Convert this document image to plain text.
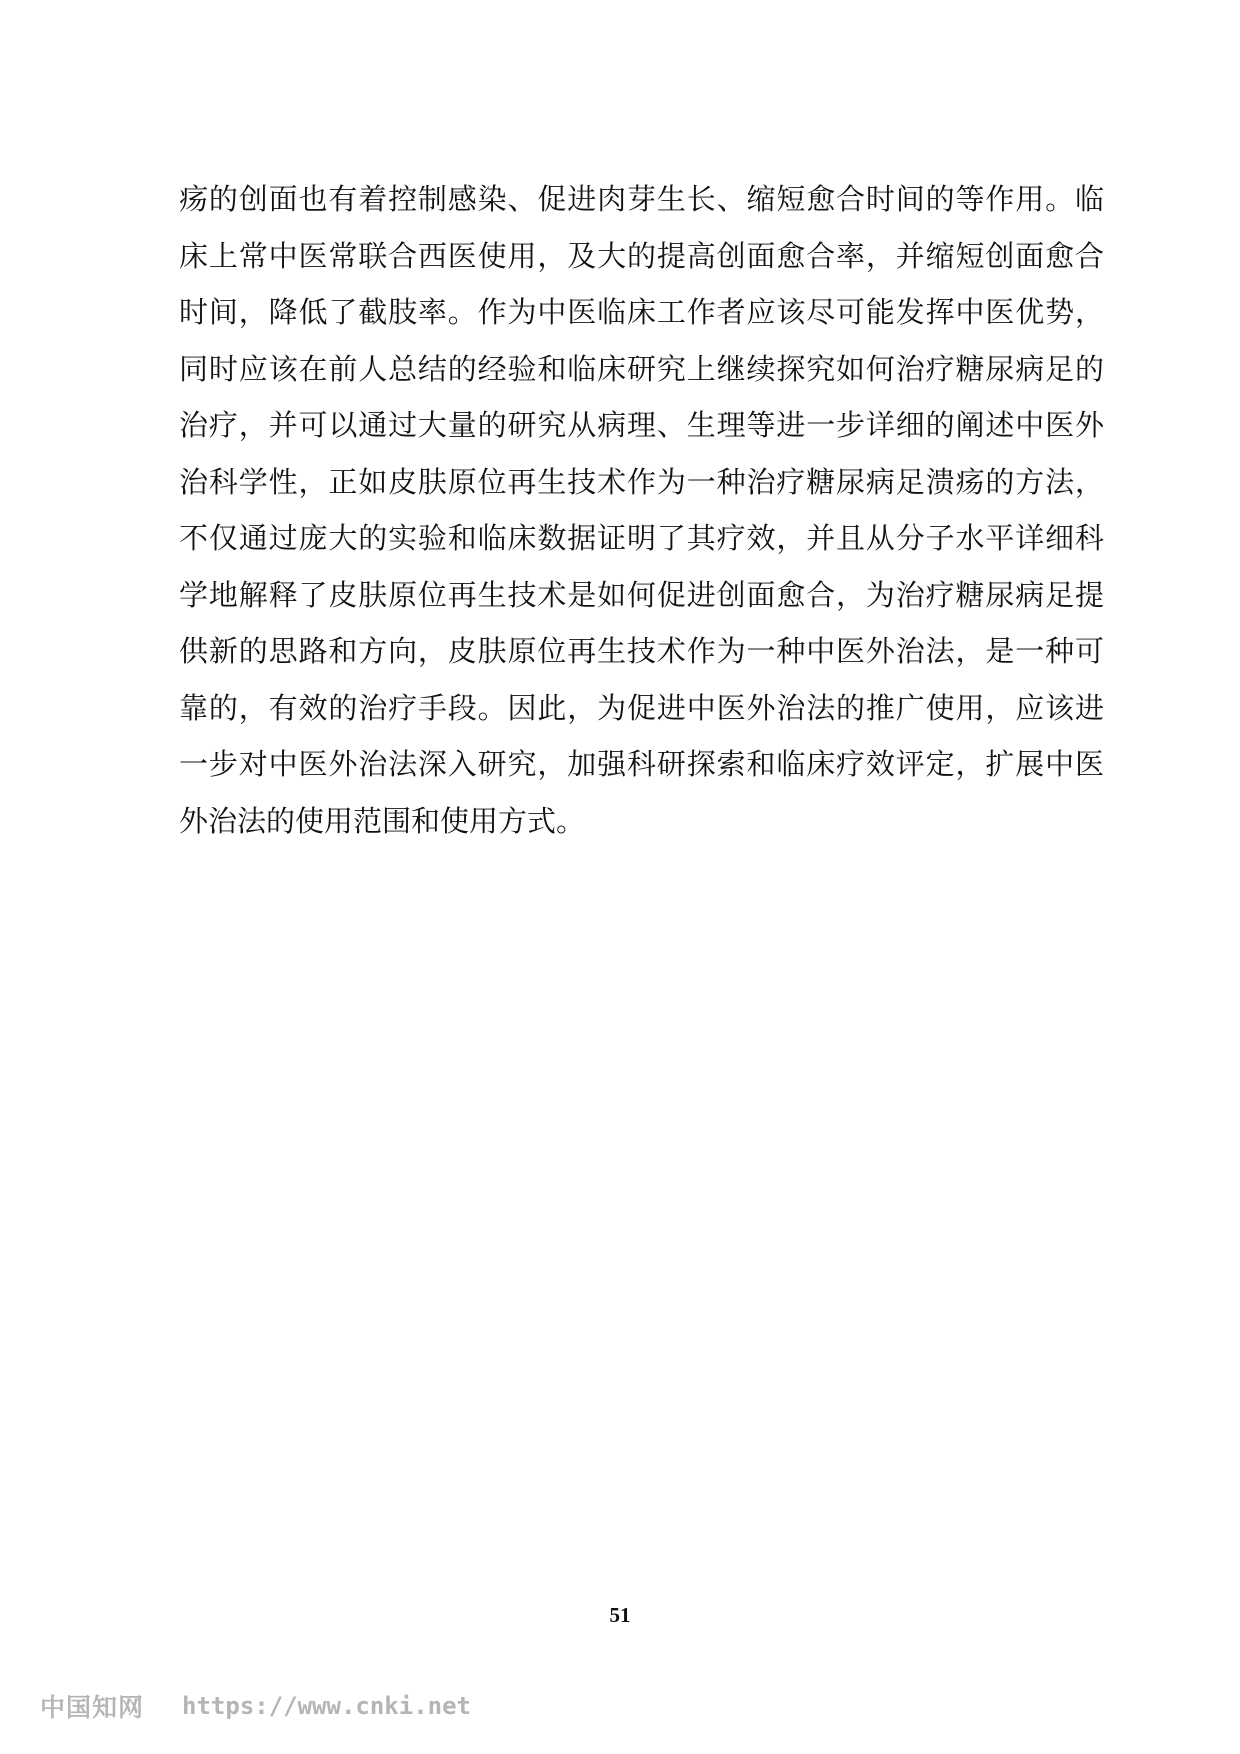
疡的创面也有着控制感染、促进肉芽生长、缩短愈合时间的等作用。临
床上常中医常联合西医使用，及大的提高创面愈合率，并缩短创面愈合
时间，降低了截肢率。作为中医临床工作者应该尽可能发挥中医优势，
同时应该在前人总结的经验和临床研究上继续探究如何治疗糖尿病足的
治疗，并可以通过大量的研究从病理、生理等进一步详细的阐述中医外
治科学性，正如皮肤原位再生技术作为一种治疗糖尿病足溃疡的方法，
不仅通过庞大的实验和临床数据证明了其疗效，并且从分子水平详细科
学地解释了皮肤原位再生技术是如何促进创面愈合，为治疗糖尿病足提
供新的思路和方向，皮肤原位再生技术作为一种中医外治法，是一种可
靠的，有效的治疗手段。因此，为促进中医外治法的推广使用，应该进
一步对中医外治法深入研究，加强科研探索和临床疗效评定，扩展中医
外治法的使用范围和使用方式。
51
中国知网 https://www.cnki.net
